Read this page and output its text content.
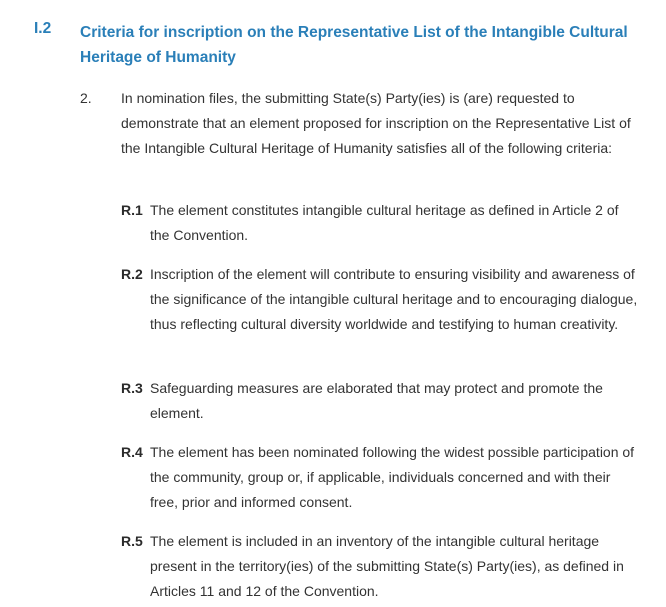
I.2 Criteria for inscription on the Representative List of the Intangible Cultural Heritage of Humanity
2. In nomination files, the submitting State(s) Party(ies) is (are) requested to demonstrate that an element proposed for inscription on the Representative List of the Intangible Cultural Heritage of Humanity satisfies all of the following criteria:
R.1 The element constitutes intangible cultural heritage as defined in Article 2 of the Convention.
R.2 Inscription of the element will contribute to ensuring visibility and awareness of the significance of the intangible cultural heritage and to encouraging dialogue, thus reflecting cultural diversity worldwide and testifying to human creativity.
R.3 Safeguarding measures are elaborated that may protect and promote the element.
R.4 The element has been nominated following the widest possible participation of the community, group or, if applicable, individuals concerned and with their free, prior and informed consent.
R.5 The element is included in an inventory of the intangible cultural heritage present in the territory(ies) of the submitting State(s) Party(ies), as defined in Articles 11 and 12 of the Convention.
